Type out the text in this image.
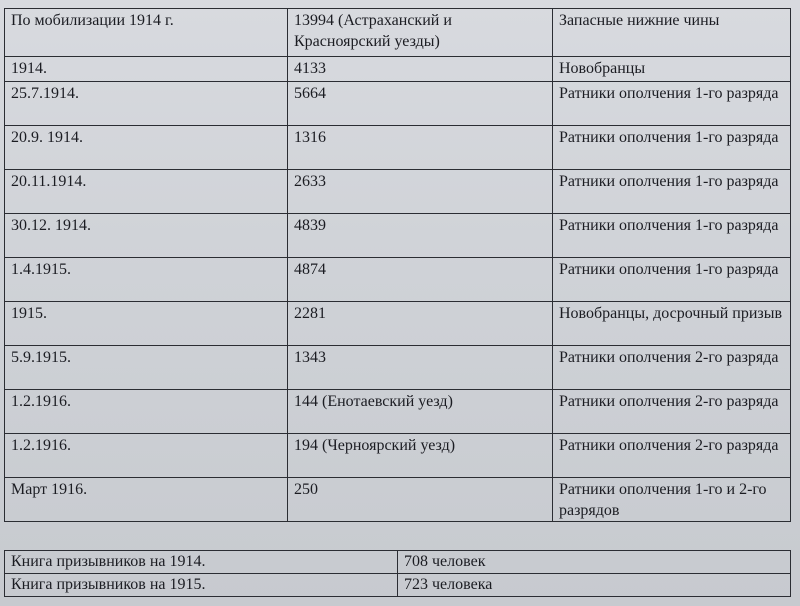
По мобилизации 1914 г.	13994 (Астраханский и Красноярский уезды)	Запасные нижние чины
1914.	4133	Новобранцы
25.7.1914.	5664	Ратники ополчения 1-го разряда
20.9. 1914.	1316	Ратники ополчения 1-го разряда
20.11.1914.	2633	Ратники ополчения 1-го разряда
30.12. 1914.	4839	Ратники ополчения 1-го разряда
1.4.1915.	4874	Ратники ополчения 1-го разряда
1915.	2281	Новобранцы, досрочный призыв
5.9.1915.	1343	Ратники ополчения 2-го разряда
1.2.1916.	144 (Енотаевский уезд)	Ратники ополчения 2-го разряда
1.2.1916.	194 (Черноярский уезд)	Ратники ополчения 2-го разряда
Март 1916.	250	Ратники ополчения 1-го и 2-го разрядов
Книга призывников на 1914.	708 человек
Книга призывников на 1915.	723 человека
